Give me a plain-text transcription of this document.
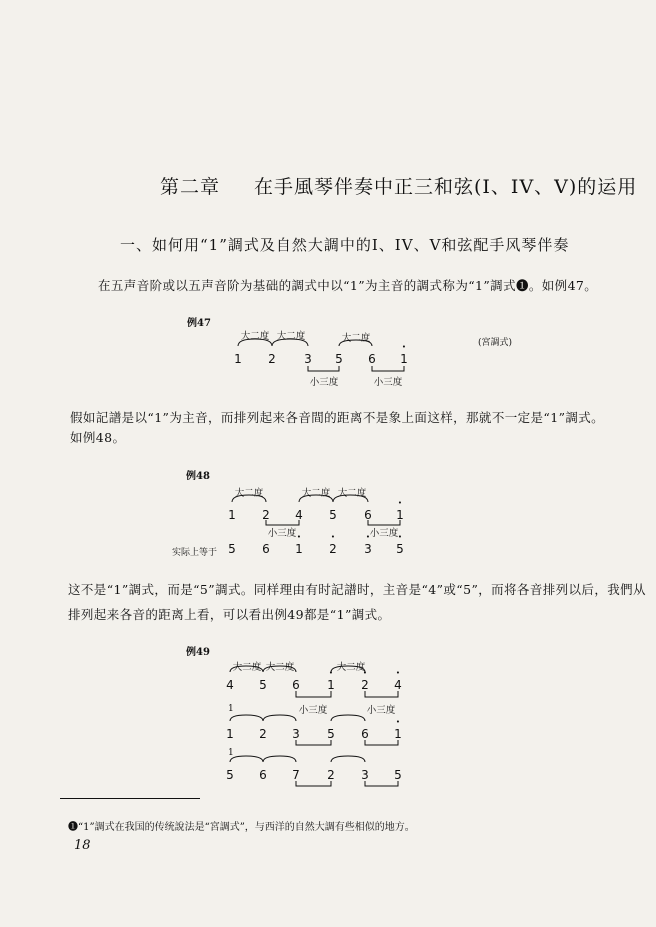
第二章 在手風琴伴奏中正三和弦(I、IV、V)的运用
一、如何用“1”調式及自然大調中的I、IV、V和弦配手风琴伴奏
在五声音阶或以五声音阶为基础的調式中以“1”为主音的調式称为“1”調式❶。如例47。
例47
(宮調式)
1 2 3 5 6 • 1
大二度 大二度	大二度
小三度	小三度
假如記譜是以“1”为主音，而排列起来各音間的距离不是象上面这样，那就不一定是“1”調式。
如例48。
例48
1 2 4 5 6 • 1
大二度	大二度 大二度
小三度	小三度
实际上等于 5 6 • 1 • 2 • 3 • 5
这不是“1”調式，而是“5”調式。同样理由有时記譜时，主音是“4”或“5”，而将各音排列以后，我們从
排列起来各音的距离上看，可以看出例49都是“1”調式。
例49
大二度 大二度	大二度
4 5 6 • 1 • 2 • 4
小三度	小三度
1
1 2 3 5 6 • 1
1
5 6 7 2 3 5
❶“1”調式在我国的传统說法是“宮調式”，与西洋的自然大調有些相似的地方。
18
